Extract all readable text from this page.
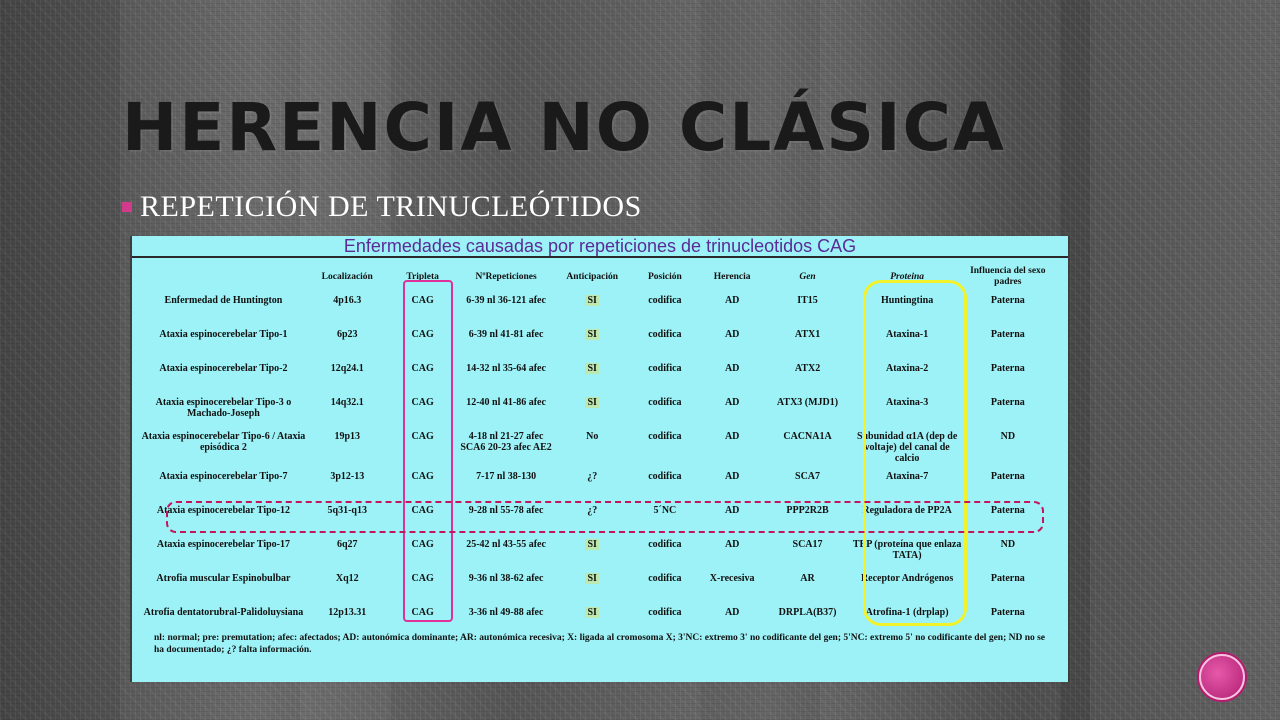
HERENCIA NO CLÁSICA
REPETICIÓN DE TRINUCLEÓTIDOS
Enfermedades causadas por repeticiones de trinucleotidos CAG
	Localización	Tripleta	NºRepeticiones	Anticipación	Posición	Herencia	Gen	Proteina	Influencia del sexo padres
Enfermedad de Huntington	4p16.3	CAG	6-39 nl 36-121 afec	SI	codifica	AD	IT15	Huntingtina	Paterna
Ataxia espinocerebelar Tipo-1	6p23	CAG	6-39 nl 41-81 afec	SI	codifica	AD	ATX1	Ataxina-1	Paterna
Ataxia espinocerebelar Tipo-2	12q24.1	CAG	14-32 nl 35-64 afec	SI	codifica	AD	ATX2	Ataxina-2	Paterna
Ataxia espinocerebelar Tipo-3 o Machado-Joseph	14q32.1	CAG	12-40 nl 41-86 afec	SI	codifica	AD	ATX3 (MJD1)	Ataxina-3	Paterna
Ataxia espinocerebelar Tipo-6 / Ataxia episódica 2	19p13	CAG	4-18 nl 21-27 afec SCA6 20-23 afec AE2	No	codifica	AD	CACNA1A	Subunidad α1A (dep de voltaje) del canal de calcio	ND
Ataxia espinocerebelar Tipo-7	3p12-13	CAG	7-17 nl 38-130	¿?	codifica	AD	SCA7	Ataxina-7	Paterna
Ataxia espinocerebelar Tipo-12	5q31-q13	CAG	9-28 nl 55-78 afec	¿?	5´NC	AD	PPP2R2B	Reguladora de PP2A	Paterna
Ataxia espinocerebelar Tipo-17	6q27	CAG	25-42 nl 43-55 afec	SI	codifica	AD	SCA17	TBP (proteína que enlaza TATA)	ND
Atrofia muscular Espinobulbar	Xq12	CAG	9-36 nl 38-62 afec	SI	codifica	X-recesiva	AR	Receptor Andrógenos	Paterna
Atrofia dentatorubral-Palidoluysiana	12p13.31	CAG	3-36 nl 49-88 afec	SI	codifica	AD	DRPLA(B37)	Atrofina-1 (drplap)	Paterna
nl: normal; pre: premutation; afec: afectados; AD: autonómica dominante; AR: autonómica recesiva; X: ligada al cromosoma X; 3'NC: extremo 3' no codificante del gen; 5'NC: extremo 5' no codificante del gen; ND no se ha documentado; ¿? falta información.
